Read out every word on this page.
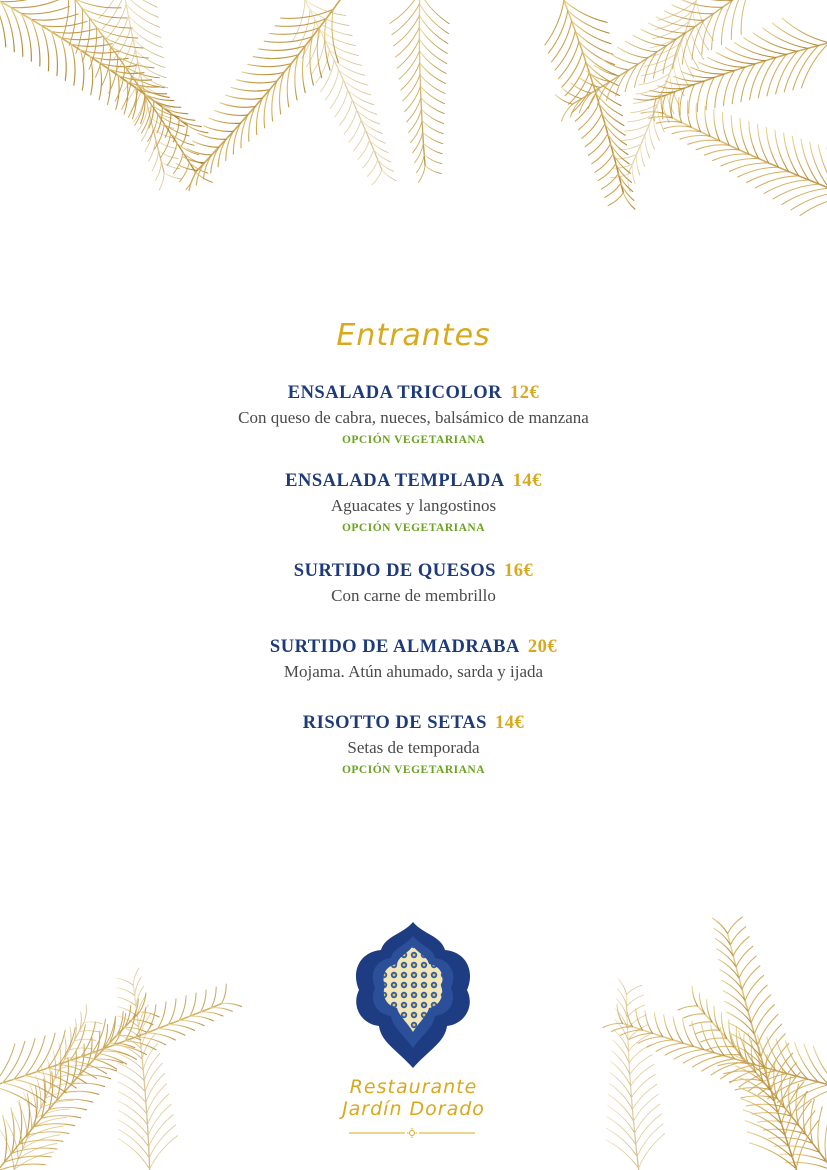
Entrantes
ENSALADA TRICOLOR 12€
Con queso de cabra, nueces, balsámico de manzana
OPCIÓN VEGETARIANA
ENSALADA TEMPLADA 14€
Aguacates y langostinos
OPCIÓN VEGETARIANA
SURTIDO DE QUESOS 16€
Con carne de membrillo
SURTIDO DE ALMADRABA 20€
Mojama. Atún ahumado, sarda y ijada
RISOTTO DE SETAS 14€
Setas de temporada
OPCIÓN VEGETARIANA
Restaurante
Jardín Dorado
